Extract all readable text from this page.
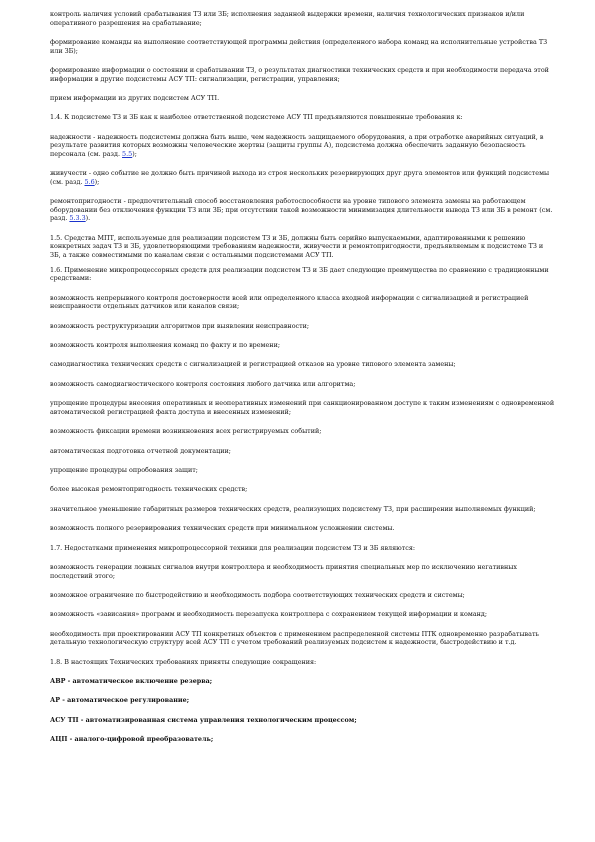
контроль наличия условий срабатывания ТЗ или ЗБ; исполнения заданной выдержки времени, наличия технологических признаков и/или оперативного разрешения на срабатывание;

формирование команды на выполнение соответствующей программы действия (определенного набора команд на исполнительные устройства ТЗ или ЗБ);

формирование информации о состоянии и срабатывании ТЗ, о результатах диагностики технических средств и при необходимости передача этой информации в другие подсистемы АСУ ТП: сигнализации, регистрации, управления;

прием информации из других подсистем АСУ ТП.

1.4. К подсистеме ТЗ и ЗБ как к наиболее ответственной подсистеме АСУ ТП предъявляются повышенные требования к:

надежности - надежность подсистемы должна быть выше, чем надежность защищаемого оборудования, а при отработке аварийных ситуаций, в результате развития которых возможны человеческие жертвы (защиты группы А), подсистема должна обеспечить заданную безопасность персонала (см. разд. 5.5);

живучести - одно событие не должно быть причиной выхода из строя нескольких резервирующих друг друга элементов или функций подсистемы (см. разд. 5.6);

ремонтопригодности - предпочтительный способ восстановления работоспособности на уровне типового элемента замены на работающем оборудовании без отключения функции ТЗ или ЗБ; при отсутствии такой возможности минимизация длительности вывода ТЗ или ЗБ в ремонт (см. разд. 5.3.3).

1.5. Средства МПТ, используемые для реализации подсистем ТЗ и ЗБ, должны быть серийно выпускаемыми, адаптированными к решению конкретных задач ТЗ и ЗБ, удовлетворяющими требованиям надежности, живучести и ремонтопригодности, предъявляемым к подсистеме ТЗ и ЗБ, а также совместимыми по каналам связи с остальными подсистемами АСУ ТП.

1.6. Применение микропроцессорных средств для реализации подсистем ТЗ и ЗБ дает следующие преимущества по сравнению с традиционными средствами:

возможность непрерывного контроля достоверности всей или определенного класса входной информации с сигнализацией и регистрацией неисправности отдельных датчиков или каналов связи;

возможность реструктуризации алгоритмов при выявлении неисправности;

возможность контроля выполнения команд по факту и по времени;

самодиагностика технических средств с сигнализацией и регистрацией отказов на уровне типового элемента замены;

возможность самодиагностического контроля состояния любого датчика или алгоритма;

упрощение процедуры внесения оперативных и неоперативных изменений при санкционированном доступе к таким изменениям с одновременной автоматической регистрацией факта доступа и внесенных изменений;

возможность фиксации времени возникновения всех регистрируемых событий;

автоматическая подготовка отчетной документации;

упрощение процедуры опробования защит;

более высокая ремонтопригодность технических средств;

значительное уменьшение габаритных размеров технических средств, реализующих подсистему ТЗ, при расширении выполняемых функций;

возможность полного резервирования технических средств при минимальном усложнении системы.

1.7. Недостатками применения микропроцессорной техники для реализации подсистем ТЗ и ЗБ являются:

возможность генерации ложных сигналов внутри контроллера и необходимость принятия специальных мер по исключению негативных последствий этого;

возможное ограничение по быстродействию и необходимость подбора соответствующих технических средств и системы;

возможность «зависания» программ и необходимость перезапуска контроллера с сохранением текущей информации и команд;

необходимость при проектировании АСУ ТП конкретных объектов с применением распределенной системы ПТК одновременно разрабатывать детальную технологическую структуру всей АСУ ТП с учетом требований реализуемых подсистем к надежности, быстродействию и т.д.

1.8. В настоящих Технических требованиях приняты следующие сокращения:

АВР - автоматическое включение резерва;

АР - автоматическое регулирование;

АСУ ТП - автоматизированная система управления технологическим процессом;

АЦП - аналого-цифровой преобразователь;
